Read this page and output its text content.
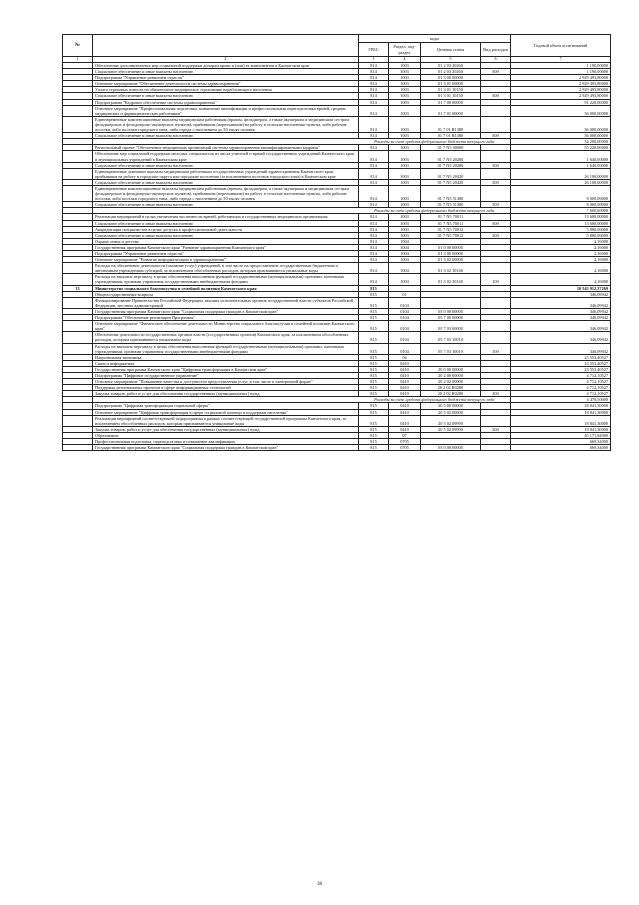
№		коды				Годовой объем ассигнований
		ГРБС	Раздел, под-раздел	Целевая статья	Вид расходов	
1	2	3	4	5	6	7
	Обеспечение дополнительных мер социальной поддержки донорам крови и (или) ее компонентов в Камчатском крае	814	1003	01 2 03 20260		1 190,00000
	Социальное обеспечение и иные выплаты населению	814	1003	01 2 03 20260	300	1 190,00000
	Подпрограмма "Управление развитием отрасли"	814	1003	01 3 00 00000		2 929 493,80000
	Основное мероприятие "Обеспечение деятельности системы здравоохранения"	814	1003	01 3 01 00000		2 929 493,80000
	Уплата страховых взносов на обязательное медицинское страхование неработающего населения	814	1003	01 3 01 10150		2 929 493,80000
	Социальное обеспечение и иные выплаты населению	814	1003	01 3 01 10150	300	2 929 493,80000
	Подпрограмма "Кадровое обеспечение системы здравоохранения"	814	1003	01 7 00 00000		91 220,00000
	Основное мероприятие "Профессиональная подготовка, повышение квалификации и профессиональная переподготовка врачей, средних медицинских и фармацевтических работников"	814	1003	01 7 01 00000		36 000,00000
	Единовременные компенсационные выплаты медицинским работникам (врачам, фельдшерам, а также акушеркам и медицинским сестрам фельдшерских и фельдшерско-акушерских пунктов), прибывшим (переехавшим) на работу в сельские населенные пункты, либо рабочие поселки, либо поселки городского типа, либо города с населением до 50 тысяч человек	814	1003	01 7 01 R1380		36 000,00000
	Социальное обеспечение и иные выплаты населению	814	1003	01 7 01 R1380	300	36 000,00000
		Расходы за счет средств федерального бюджета текущего года				34 200,00000
	Региональный проект "Обеспечение медицинских организаций системы здравоохранения квалифицированными кадрами"	814	1003	01 7 N5 00000		55 220,00000
	Обеспечение мер социальной поддержки молодых специалистов из числа учителей и врачей государственных учреждений Камчатского края и муниципальных учреждений в Камчатском крае	814	1003	01 7 N5 20280		1 640,00000
	Социальное обеспечение и иные выплаты населению	814	1003	01 7 N5 20280	300	1 640,00000
	Единовременные денежные выплаты медицинским работникам государственных учреждений здравоохранения Камчатского края, прибывшим на работу в городские округа или городские поселения (за исключением поселков городского типа) в Камчатском крае	814	1003	01 7 N5 20420		26 100,00000
	Социальное обеспечение и иные выплаты населению	814	1003	01 7 N5 20420	300	26 100,00000
	Единовременные компенсационные выплаты медицинским работникам (врачам, фельдшерам, а также акушеркам и медицинским сестрам фельдшерских и фельдшерско-акушерских пунктов), прибывшим (переехавшим) на работу в сельские населенные пункты, либо рабочие поселки, либо поселки городского типа, либо города с населением до 50 тысяч человек	814	1003	01 7 N5 51380		8 000,00000
	Социальное обеспечение и иные выплаты населению	814	1003	01 7 N5 51380	300	8 000,00000
		Расходы за счет средств федерального бюджета текущего года				7 600,00000
	Реализация мероприятий в целях увеличения численности врачей, работающих в государственных медицинских организациях	814	1003	01 7 N5 70011		13 600,00000
	Социальное обеспечение и иные выплаты населению	814	1003	01 7 N5 70011	300	13 600,00000
	Аккредитация специалистов в целях допуска к профессиональной деятельности	814	1003	01 7 N5 70012		5 880,00000
	Социальное обеспечение и иные выплаты населению	814	1003	01 7 N5 70012	300	5 880,00000
	Охрана семьи и детства	814	1004			2,16000
	Государственная программа Камчатского края "Развитие здравоохранения Камчатского края"	814	1004	01 0 00 00000		2,16000
	Подпрограмма "Управление развитием отрасли"	814	1004	01 3 00 00000		2,16000
	Основное мероприятие "Развитие информатизации в здравоохранении"	814	1004	01 3 02 00000		2,16000
	Расходы на обеспечение деятельности (оказание услуг) учреждений, в том числе на предоставление государственным бюджетным и автономным учреждениям субсидий, за исключением обособленных расходов, которым присваиваются уникальные коды	814	1004	01 3 02 10140		2,16000
	Расходы на выплаты персоналу в целях обеспечения выполнения функций государственными (муниципальными) органами, казенными учреждениями, органами управления государственными внебюджетными фондами	814	1004	01 3 02 10140	100	2,16000
13	Министерство социального благополучия и семейной политики Камчатского края	815				10 545 912,37269
	Общегосударственные вопросы	815	01			346,09942
	Функционирование Правительства Российской Федерации, высших исполнительных органов государственной власти субъектов Российской Федерации, местных администраций	815	0104			346,09942
	Государственная программа Камчатского края "Социальная поддержка граждан в Камчатском крае"	815	0104	05 0 00 00000		346,09942
	Подпрограмма "Обеспечение реализации Программы"	815	0104	05 7 00 00000		346,09942
	Основное мероприятие "Финансовое обеспечение деятельности Министерства социального благополучия и семейной политики Камчатского края"	815	0104	05 7 03 00000		346,09942
	Обеспечение деятельности государственных органов власти (государственных органов) Камчатского края, за исключением обособленных расходов, которым присваиваются уникальные коды	815	0104	05 7 03 10010		346,09942
	Расходы на выплаты персоналу в целях обеспечения выполнения функций государственными (муниципальными) органами, казенными учреждениями, органами управления государственными внебюджетными фондами	815	0104	05 7 03 10010	100	346,09942
	Национальная экономика	815	04			23 553,40527
	Связь и информатика	815	0410			23 553,40527
	Государственная программа Камчатского края "Цифровая трансформация в Камчатском крае"	815	0410	20 0 00 00000		23 553,40527
	Подпрограмма "Цифровое государственное управление"	815	0410	20 2 00 00000		4 712,10527
	Основное мероприятие "Повышение качества и доступности предоставления услуг, в том числе в электронной форме"	815	0410	20 2 02 00000		4 712,10527
	Поддержка региональных проектов в сфере информационных технологий	815	0410	20 2 02 R0280		4 712,10527
	Закупка товаров, работ и услуг для обеспечения государственных (муниципальных) нужд	815	0410	20 2 02 R0280	200	4 712,10527
		Расходы за счет средств федерального бюджета текущего года				4 476,50000
	Подпрограмма "Цифровая трансформация социальной сферы"	815	0410	20 5 00 00000		18 841,30000
	Основное мероприятие "Цифровая трансформация в сфере социальной помощи и поддержки населения"	815	0410	20 5 02 00000		18 841,30000
	Реализация мероприятий соответствующей подпрограммы в рамках соответствующей государственной программы Камчатского края, за исключением обособленных расходов, которым присваиваются уникальные коды	815	0410	20 5 02 09990		18 841,30000
	Закупка товаров, работ и услуг для обеспечения государственных (муниципальных) нужд	815	0410	20 5 02 09990	200	18 841,30000
	Образование	815	07			45 171,84000
	Профессиональная подготовка, переподготовка и повышение квалификации	815	0705			669,34000
	Государственная программа Камчатского края "Социальная поддержка граждан в Камчатском крае"	815	0705	05 0 00 00000		669,34000
38
